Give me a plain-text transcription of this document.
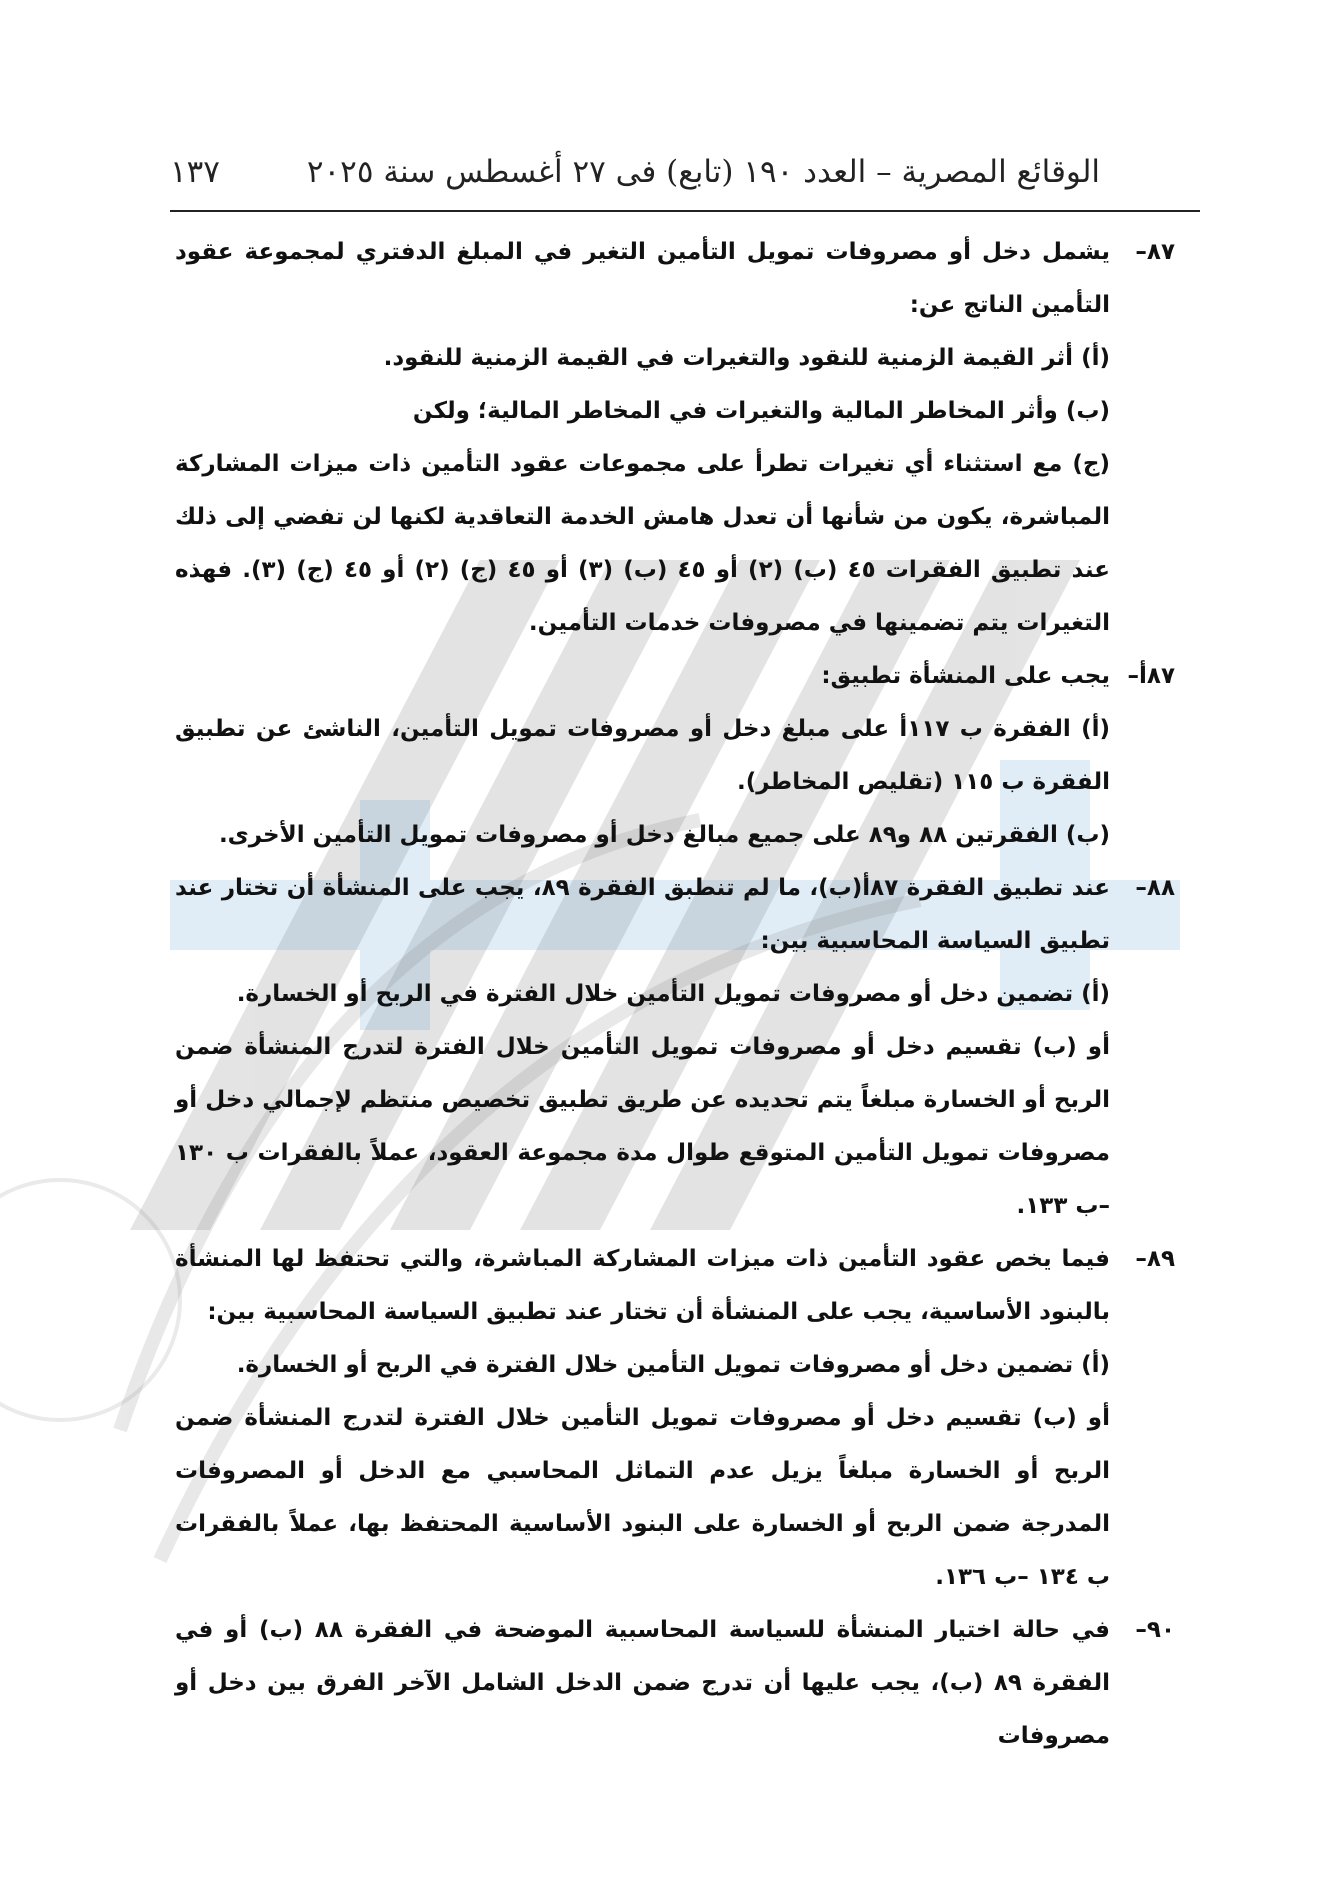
الوقائع المصرية – العدد ١٩٠ (تابع) فى ٢٧ أغسطس سنة ٢٠٢٥
١٣٧
٨٧–

يشمل دخل أو مصروفات تمويل التأمين التغير في المبلغ الدفتري لمجموعة عقود التأمين الناتج عن:

(أ) أثر القيمة الزمنية للنقود والتغيرات في القيمة الزمنية للنقود.

(ب) وأثر المخاطر المالية والتغيرات في المخاطر المالية؛ ولكن

(ج) مع استثناء أي تغيرات تطرأ على مجموعات عقود التأمين ذات ميزات المشاركة المباشرة، يكون من شأنها أن تعدل هامش الخدمة التعاقدية لكنها لن تفضي إلى ذلك عند تطبيق الفقرات ٤٥ (ب) (٢) أو ٤٥ (ب) (٣) أو ٤٥ (ج) (٢) أو ٤٥ (ج) (٣). فهذه التغيرات يتم تضمينها في مصروفات خدمات التأمين.

٨٧أ–

يجب على المنشأة تطبيق:

(أ) الفقرة ب ١١٧أ على مبلغ دخل أو مصروفات تمويل التأمين، الناشئ عن تطبيق الفقرة ب ١١٥ (تقليص المخاطر).

(ب) الفقرتين ٨٨ و٨٩ على جميع مبالغ دخل أو مصروفات تمويل التأمين الأخرى.

٨٨–

عند تطبيق الفقرة ٨٧أ(ب)، ما لم تنطبق الفقرة ٨٩، يجب على المنشأة أن تختار عند تطبيق السياسة المحاسبية بين:

(أ) تضمين دخل أو مصروفات تمويل التأمين خلال الفترة في الربح أو الخسارة.

أو (ب) تقسيم دخل أو مصروفات تمويل التأمين خلال الفترة لتدرج المنشأة ضمن الربح أو الخسارة مبلغاً يتم تحديده عن طريق تطبيق تخصيص منتظم لإجمالي دخل أو مصروفات تمويل التأمين المتوقع طوال مدة مجموعة العقود، عملاً بالفقرات ب ١٣٠ –ب ١٣٣.

٨٩–

فيما يخص عقود التأمين ذات ميزات المشاركة المباشرة، والتي تحتفظ لها المنشأة بالبنود الأساسية، يجب على المنشأة أن تختار عند تطبيق السياسة المحاسبية بين:

(أ) تضمين دخل أو مصروفات تمويل التأمين خلال الفترة في الربح أو الخسارة.

أو (ب) تقسيم دخل أو مصروفات تمويل التأمين خلال الفترة لتدرج المنشأة ضمن الربح أو الخسارة مبلغاً يزيل عدم التماثل المحاسبي مع الدخل أو المصروفات المدرجة ضمن الربح أو الخسارة على البنود الأساسية المحتفظ بها، عملاً بالفقرات ب ١٣٤ –ب ١٣٦.

٩٠–

في حالة اختيار المنشأة للسياسة المحاسبية الموضحة في الفقرة ٨٨ (ب) أو في الفقرة ٨٩ (ب)، يجب عليها أن تدرج ضمن الدخل الشامل الآخر الفرق بين دخل أو مصروفات
